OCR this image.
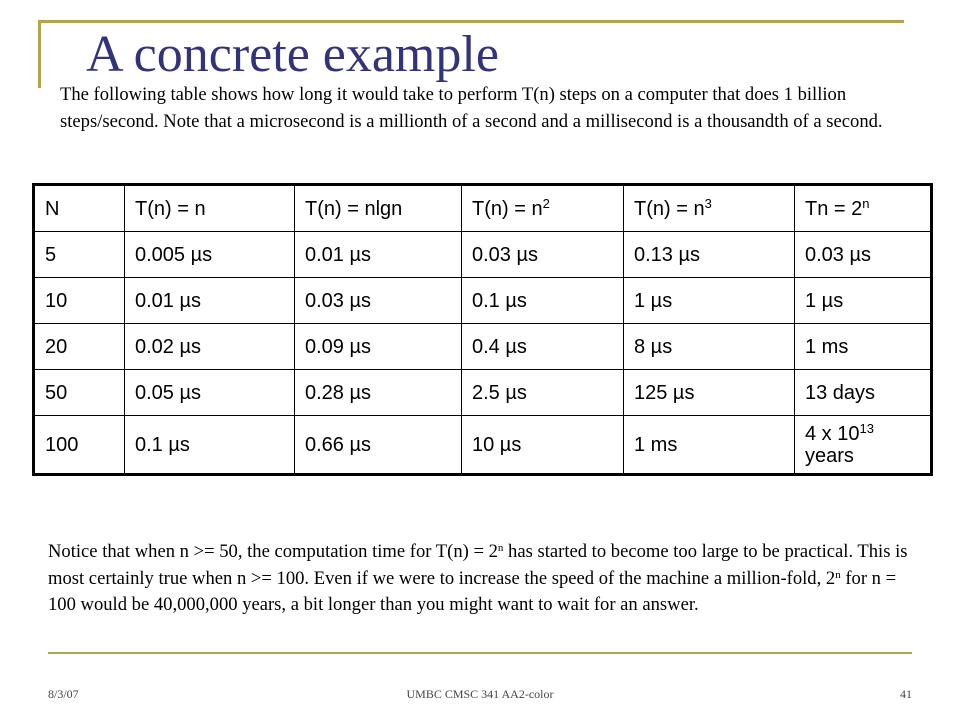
A concrete example

The following table shows how long it would take to perform T(n) steps on a computer that does 1 billion steps/second. Note that a microsecond is a millionth of a second and a millisecond is a thousandth of a second.

N	T(n) = n	T(n) = nlgn	$T(n) = n^2$	$T(n) = n^3$	$Tn = 2^n$
5	0.005 µs	0.01 µs	0.03 µs	0.13 µs	0.03 µs
10	0.01 µs	0.03 µs	0.1 µs	1 µs	1 µs
20	0.02 µs	0.09 µs	0.4 µs	8 µs	1 ms
50	0.05 µs	0.28 µs	2.5 µs	125 µs	13 days
100	0.1 µs	0.66 µs	10 µs	1 ms	4 x $10^{13}$
years

Notice that when n >= 50, the computation time for $T(n) = 2^n$ has started to become too large to be practical. This is most certainly true when n >= 100. Even if we were to increase the speed of the machine a million-fold, 2$^n$ for n = 100 would be 40,000,000 years, a bit longer than you might want to wait for an answer.

8/3/07	UMBC CMSC 341 AA2-color	41
